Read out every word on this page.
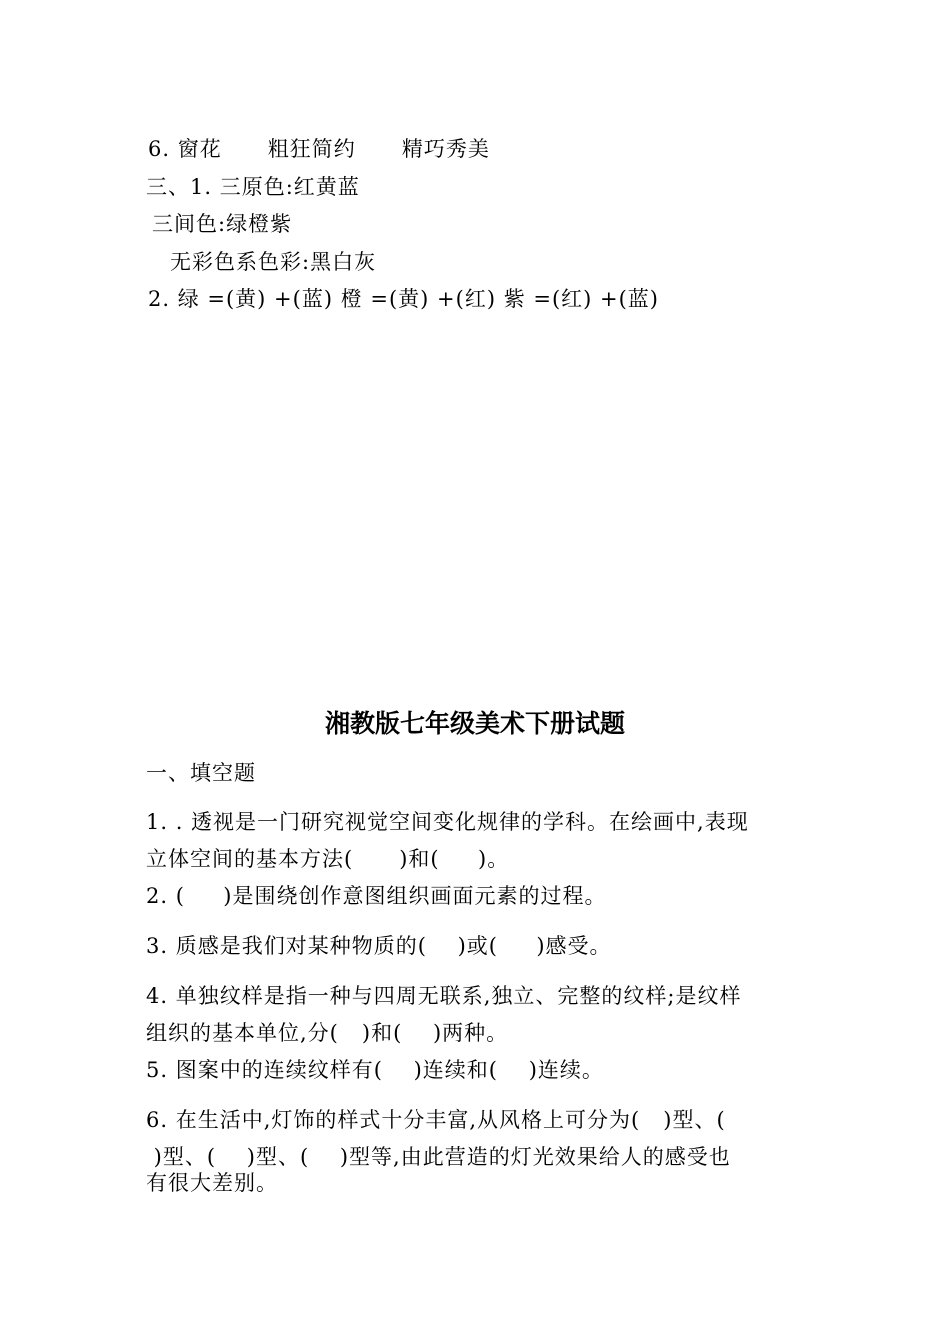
6. 窗花      粗狂简约      精巧秀美
三、1. 三原色:红黄蓝
三间色:绿橙紫
无彩色系色彩:黑白灰
2. 绿 =(黄) +(蓝) 橙 =(黄) +(红) 紫 =(红) +(蓝)
湘教版七年级美术下册试题
一、填空题
1. . 透视是一门研究视觉空间变化规律的学科。在绘画中,表现
立体空间的基本方法(      )和(     )。
2. (     )是围绕创作意图组织画面元素的过程。
3. 质感是我们对某种物质的(    )或(     )感受。
4. 单独纹样是指一种与四周无联系,独立、完整的纹样;是纹样
组织的基本单位,分(   )和(    )两种。
5. 图案中的连续纹样有(    )连续和(    )连续。
6. 在生活中,灯饰的样式十分丰富,从风格上可分为(   )型、(
)型、(    )型、(    )型等,由此营造的灯光效果给人的感受也
有很大差别。
